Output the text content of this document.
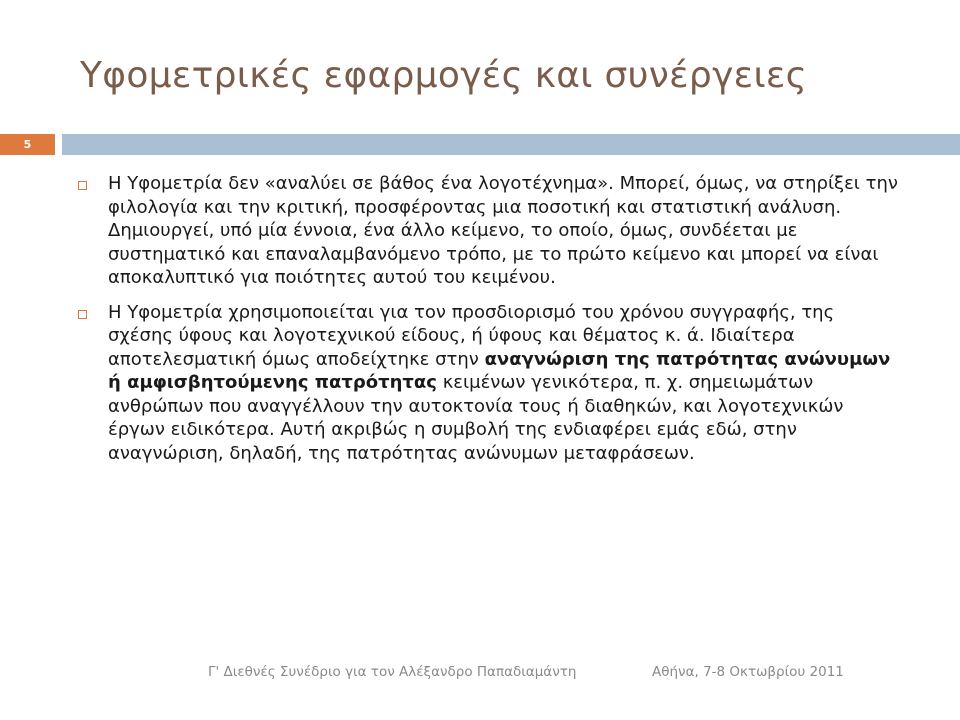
Υφομετρικές εφαρμογές και συνέργειες
5
Η Υφομετρία δεν «αναλύει σε βάθος ένα λογοτέχνημα». Μπορεί, όμως, να στηρίξει την φιλολογία και την κριτική, προσφέροντας μια ποσοτική και στατιστική ανάλυση. Δημιουργεί, υπό μία έννοια, ένα άλλο κείμενο, το οποίο, όμως, συνδέεται με συστηματικό και επαναλαμβανόμενο τρόπο, με το πρώτο κείμενο και μπορεί να είναι αποκαλυπτικό για ποιότητες αυτού του κειμένου.
Η Υφομετρία χρησιμοποιείται για τον προσδιορισμό του χρόνου συγγραφής, της σχέσης ύφους και λογοτεχνικού είδους, ή ύφους και θέματος κ. ά. Ιδιαίτερα αποτελεσματική όμως αποδείχτηκε στην αναγνώριση της πατρότητας ανώνυμων ή αμφισβητούμενης πατρότητας κειμένων γενικότερα, π. χ. σημειωμάτων ανθρώπων που αναγγέλλουν την αυτοκτονία τους ή διαθηκών, και λογοτεχνικών έργων ειδικότερα. Αυτή ακριβώς η συμβολή της ενδιαφέρει εμάς εδώ, στην αναγνώριση, δηλαδή, της πατρότητας ανώνυμων μεταφράσεων.
Γ' Διεθνές Συνέδριο για τον Αλέξανδρο Παπαδιαμάντη	Αθήνα, 7-8 Οκτωβρίου 2011
